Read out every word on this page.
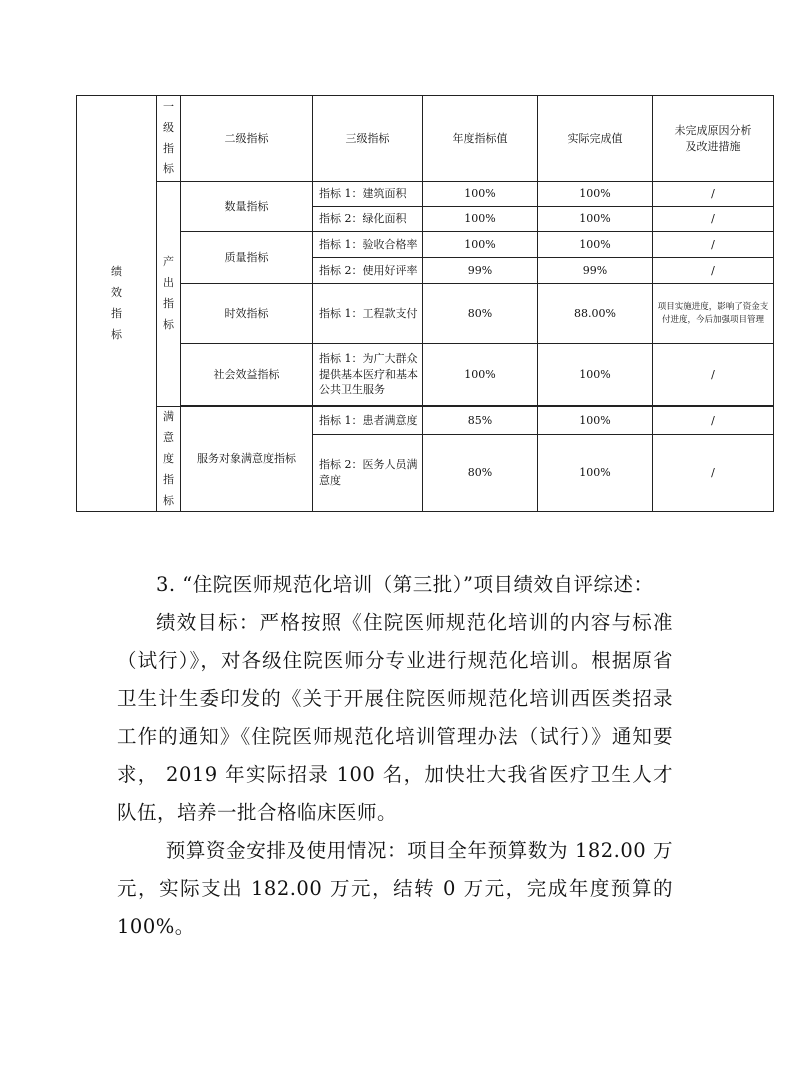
绩效指标	一级指标	二级指标	三级指标	年度指标值	实际完成值	未完成原因分析及改进措施
	产出指标	数量指标	指标 1：建筑面积	100%	100%	/
			指标 2：绿化面积	100%	100%	/
		质量指标	指标 1：验收合格率	100%	100%	/
			指标 2：使用好评率	99%	99%	/
		时效指标	指标 1：工程款支付	80%	88.00%	项目实施进度，影响了资金支付进度，今后加强项目管理
		社会效益指标	指标 1：为广大群众提供基本医疗和基本公共卫生服务	100%	100%	/

	满意度指标	服务对象满意度指标	指标 1：患者满意度	85%	100%	/
			指标 2：医务人员满意度	80%	100%	/

3. “住院医师规范化培训（第三批）”项目绩效自评综述：

绩效目标：严格按照《住院医师规范化培训的内容与标准（试行）》，对各级住院医师分专业进行规范化培训。根据原省卫生计生委印发的《关于开展住院医师规范化培训西医类招录工作的通知》《住院医师规范化培训管理办法（试行）》通知要求， 2019 年实际招录 100 名，加快壮大我省医疗卫生人才队伍，培养一批合格临床医师。

预算资金安排及使用情况：项目全年预算数为 182.00 万元，实际支出 182.00 万元，结转 0 万元，完成年度预算的 100%。
